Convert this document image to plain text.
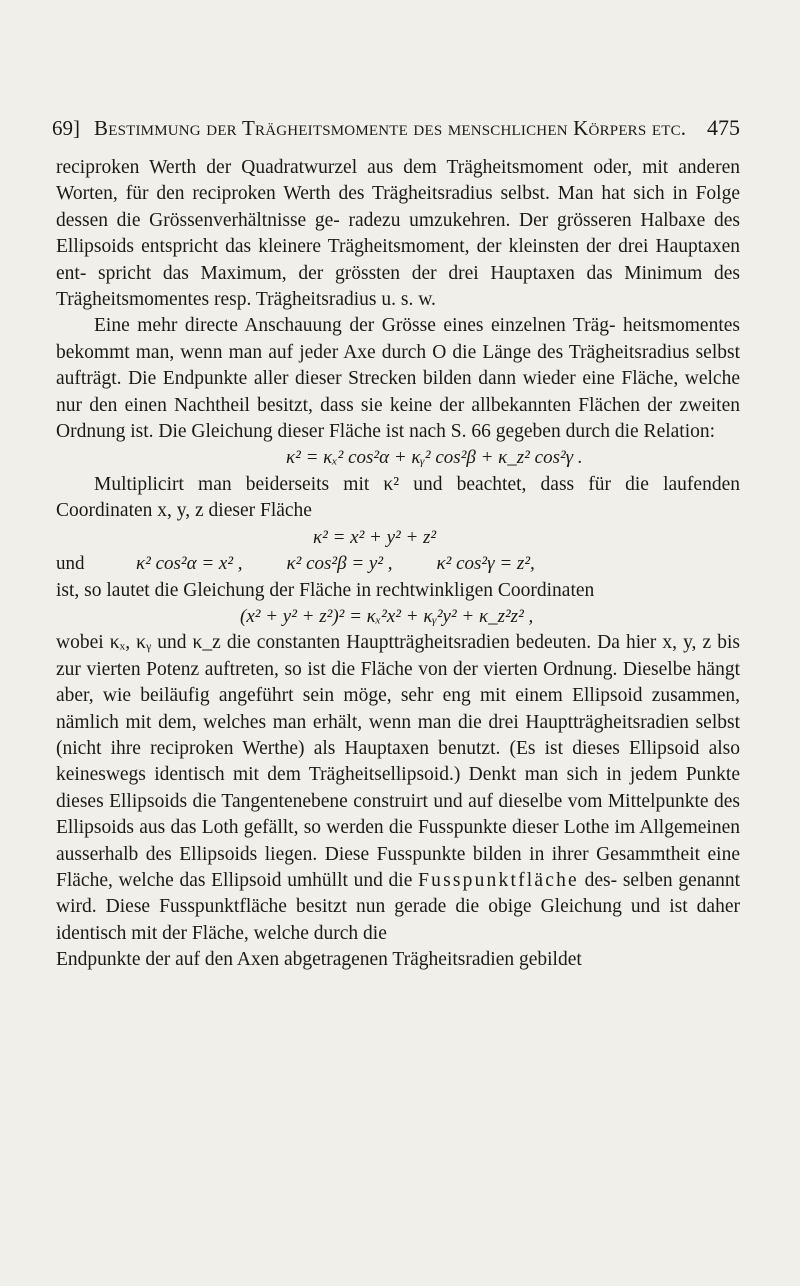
69] Bestimmung der Trägheitsmomente des menschlichen Körpers etc. 475

reciproken Werth der Quadratwurzel aus dem Trägheitsmoment oder, mit anderen Worten, für den reciproken Werth des Trägheitsradius selbst. Man hat sich in Folge dessen die Grössenverhältnisse ge- radezu umzukehren. Der grösseren Halbaxe des Ellipsoids entspricht das kleinere Trägheitsmoment, der kleinsten der drei Hauptaxen ent- spricht das Maximum, der grössten der drei Hauptaxen das Minimum des Trägheitsmomentes resp. Trägheitsradius u. s. w.

Eine mehr directe Anschauung der Grösse eines einzelnen Träg- heitsmomentes bekommt man, wenn man auf jeder Axe durch O die Länge des Trägheitsradius selbst aufträgt. Die Endpunkte aller dieser Strecken bilden dann wieder eine Fläche, welche nur den einen Nachtheil besitzt, dass sie keine der allbekannten Flächen der zweiten Ordnung ist. Die Gleichung dieser Fläche ist nach S. 66 gegeben durch die Relation:

κ² = κₓ² cos²α + κᵧ² cos²β + κ_z² cos²γ .

Multiplicirt man beiderseits mit κ² und beachtet, dass für die laufenden Coordinaten x, y, z dieser Fläche

κ² = x² + y² + z²
und	κ² cos²α = x² , κ² cos²β = y² , κ² cos²γ = z²,

ist, so lautet die Gleichung der Fläche in rechtwinkligen Coordinaten

(x² + y² + z²)² = κₓ²x² + κᵧ²y² + κ_z²z² ,

wobei κₓ, κᵧ und κ_z die constanten Hauptträgheitsradien bedeuten. Da hier x, y, z bis zur vierten Potenz auftreten, so ist die Fläche von der vierten Ordnung. Dieselbe hängt aber, wie beiläufig angeführt sein möge, sehr eng mit einem Ellipsoid zusammen, nämlich mit dem, welches man erhält, wenn man die drei Hauptträgheitsradien selbst (nicht ihre reciproken Werthe) als Hauptaxen benutzt. (Es ist dieses Ellipsoid also keineswegs identisch mit dem Trägheitsellipsoid.) Denkt man sich in jedem Punkte dieses Ellipsoids die Tangentenebene construirt und auf dieselbe vom Mittelpunkte des Ellipsoids aus das Loth gefällt, so werden die Fusspunkte dieser Lothe im Allgemeinen ausserhalb des Ellipsoids liegen. Diese Fusspunkte bilden in ihrer Gesammtheit eine Fläche, welche das Ellipsoid umhüllt und die Fusspunktfläche des- selben genannt wird. Diese Fusspunktfläche besitzt nun gerade die obige Gleichung und ist daher identisch mit der Fläche, welche durch die

Endpunkte der auf den Axen abgetragenen Trägheitsradien gebildet
